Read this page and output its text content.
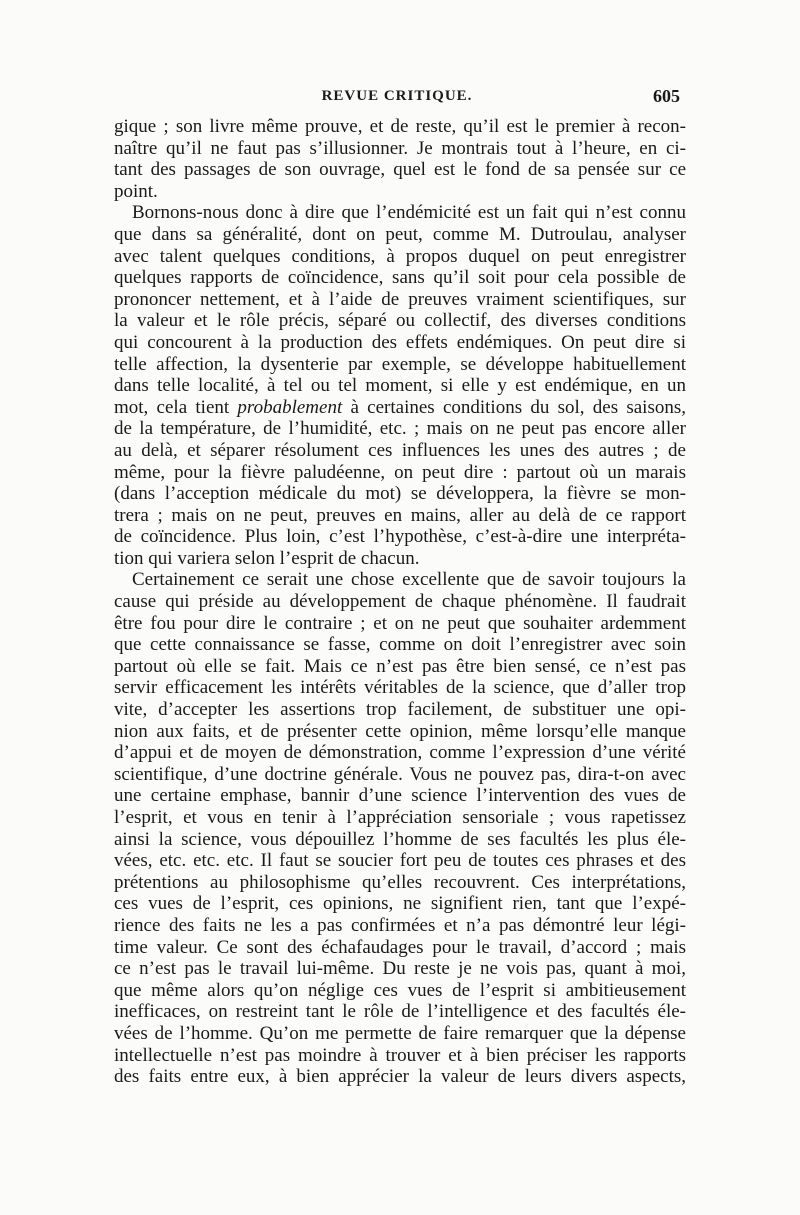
REVUE CRITIQUE.	605
gique ; son livre même prouve, et de reste, qu’il est le premier à recon-
naître qu’il ne faut pas s’illusionner. Je montrais tout à l’heure, en ci-
tant des passages de son ouvrage, quel est le fond de sa pensée sur ce
point.
Bornons-nous donc à dire que l’endémicité est un fait qui n’est connu
que dans sa généralité, dont on peut, comme M. Dutroulau, analyser
avec talent quelques conditions, à propos duquel on peut enregistrer
quelques rapports de coïncidence, sans qu’il soit pour cela possible de
prononcer nettement, et à l’aide de preuves vraiment scientifiques, sur
la valeur et le rôle précis, séparé ou collectif, des diverses conditions
qui concourent à la production des effets endémiques. On peut dire si
telle affection, la dysenterie par exemple, se développe habituellement
dans telle localité, à tel ou tel moment, si elle y est endémique, en un
mot, cela tient probablement à certaines conditions du sol, des saisons,
de la température, de l’humidité, etc. ; mais on ne peut pas encore aller
au delà, et séparer résolument ces influences les unes des autres ; de
même, pour la fièvre paludéenne, on peut dire : partout où un marais
(dans l’acception médicale du mot) se développera, la fièvre se mon-
trera ; mais on ne peut, preuves en mains, aller au delà de ce rapport
de coïncidence. Plus loin, c’est l’hypothèse, c’est-à-dire une interpréta-
tion qui variera selon l’esprit de chacun.
Certainement ce serait une chose excellente que de savoir toujours la
cause qui préside au développement de chaque phénomène. Il faudrait
être fou pour dire le contraire ; et on ne peut que souhaiter ardemment
que cette connaissance se fasse, comme on doit l’enregistrer avec soin
partout où elle se fait. Mais ce n’est pas être bien sensé, ce n’est pas
servir efficacement les intérêts véritables de la science, que d’aller trop
vite, d’accepter les assertions trop facilement, de substituer une opi-
nion aux faits, et de présenter cette opinion, même lorsqu’elle manque
d’appui et de moyen de démonstration, comme l’expression d’une vérité
scientifique, d’une doctrine générale. Vous ne pouvez pas, dira-t-on avec
une certaine emphase, bannir d’une science l’intervention des vues de
l’esprit, et vous en tenir à l’appréciation sensoriale ; vous rapetissez
ainsi la science, vous dépouillez l’homme de ses facultés les plus éle-
vées, etc. etc. etc. Il faut se soucier fort peu de toutes ces phrases et des
prétentions au philosophisme qu’elles recouvrent. Ces interprétations,
ces vues de l’esprit, ces opinions, ne signifient rien, tant que l’expé-
rience des faits ne les a pas confirmées et n’a pas démontré leur légi-
time valeur. Ce sont des échafaudages pour le travail, d’accord ; mais
ce n’est pas le travail lui-même. Du reste je ne vois pas, quant à moi,
que même alors qu’on néglige ces vues de l’esprit si ambitieusement
inefficaces, on restreint tant le rôle de l’intelligence et des facultés éle-
vées de l’homme. Qu’on me permette de faire remarquer que la dépense
intellectuelle n’est pas moindre à trouver et à bien préciser les rapports
des faits entre eux, à bien apprécier la valeur de leurs divers aspects,
